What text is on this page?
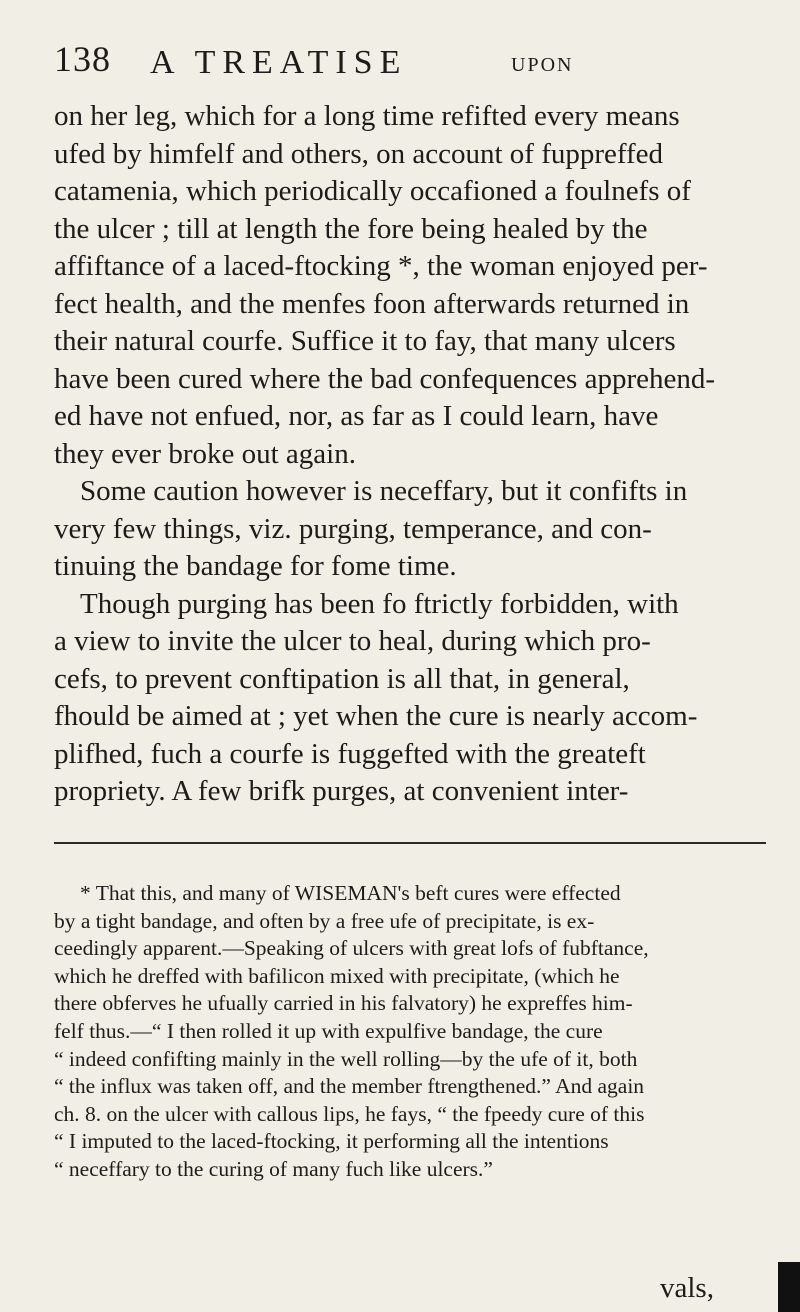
138 A TREATISE	UPON
on her leg, which for a long time refifted every means
ufed by himfelf and others, on account of fuppreffed
catamenia, which periodically occafioned a foulnefs of
the ulcer ; till at length the fore being healed by the
affiftance of a laced-ftocking *, the woman enjoyed per-
fect health, and the menfes foon afterwards returned in
their natural courfe. Suffice it to fay, that many ulcers
have been cured where the bad confequences apprehend-
ed have not enfued, nor, as far as I could learn, have
they ever broke out again.
Some caution however is neceffary, but it confifts in
very few things, viz. purging, temperance, and con-
tinuing the bandage for fome time.
Though purging has been fo ftrictly forbidden, with
a view to invite the ulcer to heal, during which pro-
cefs, to prevent conftipation is all that, in general,
fhould be aimed at ; yet when the cure is nearly accom-
plifhed, fuch a courfe is fuggefted with the greateft
propriety. A few brifk purges, at convenient inter-
* That this, and many of WISEMAN's beft cures were effected
by a tight bandage, and often by a free ufe of precipitate, is ex-
ceedingly apparent.—Speaking of ulcers with great lofs of fubftance,
which he dreffed with bafilicon mixed with precipitate, (which he
there obferves he ufually carried in his falvatory) he expreffes him-
felf thus.—“ I then rolled it up with expulfive bandage, the cure
“ indeed confifting mainly in the well rolling—by the ufe of it, both
“ the influx was taken off, and the member ftrengthened.” And again
ch. 8. on the ulcer with callous lips, he fays, “ the fpeedy cure of this
“ I imputed to the laced-ftocking, it performing all the intentions
“ neceffary to the curing of many fuch like ulcers.”
vals,
